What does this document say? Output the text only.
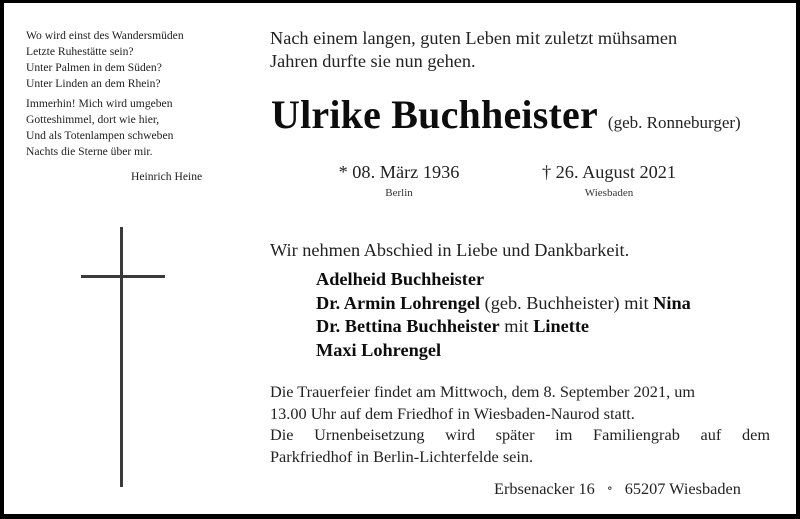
Wo wird einst des Wandersmüden
Letzte Ruhestätte sein?
Unter Palmen in dem Süden?
Unter Linden an dem Rhein?
Immerhin! Mich wird umgeben
Gotteshimmel, dort wie hier,
Und als Totenlampen schweben
Nachts die Sterne über mir.
Heinrich Heine
Nach einem langen, guten Leben mit zuletzt mühsamen
Jahren durfte sie nun gehen.
Ulrike Buchheister (geb. Ronneburger)
* 08. März 1936
Berlin
† 26. August 2021
Wiesbaden
Wir nehmen Abschied in Liebe und Dankbarkeit.
Adelheid Buchheister
Dr. Armin Lohrengel (geb. Buchheister) mit Nina
Dr. Bettina Buchheister mit Linette
Maxi Lohrengel

Die Trauerfeier findet am Mittwoch, dem 8. September 2021, um
13.00 Uhr auf dem Friedhof in Wiesbaden-Naurod statt.

Die Urnenbeisetzung wird später im Familiengrab auf dem
Parkfriedhof in Berlin-Lichterfelde sein.

Erbsenacker 16 ∘ 65207 Wiesbaden
